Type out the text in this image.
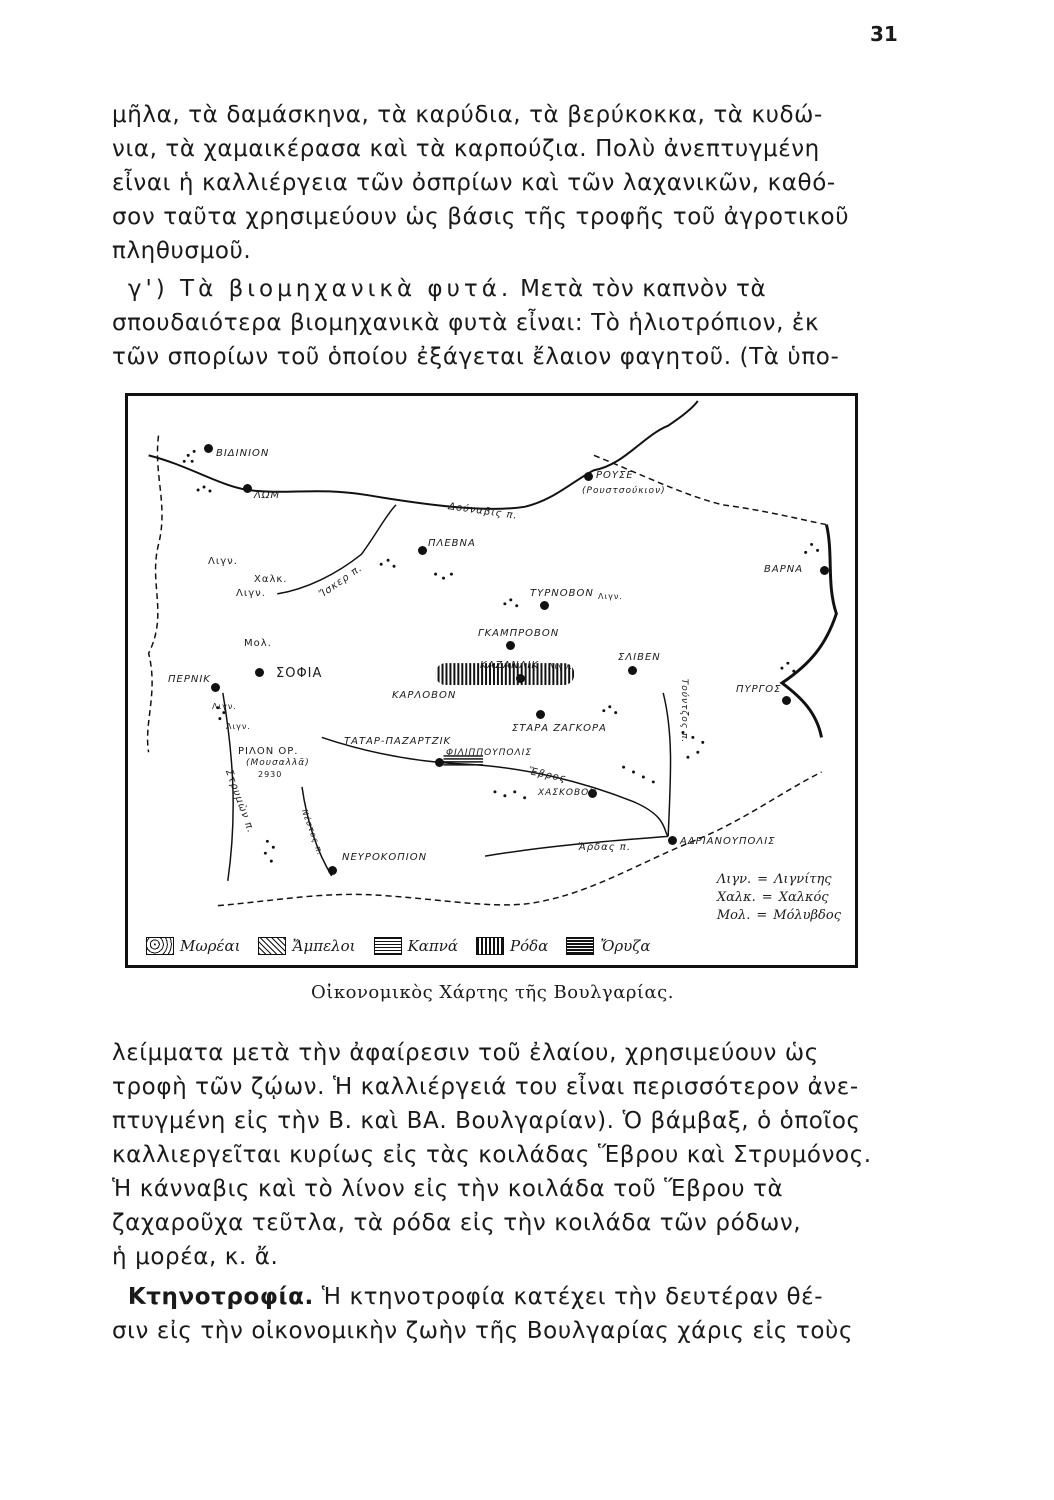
31
μῆλα, τὰ δαμάσκηνα, τὰ καρύδια, τὰ βερύκοκκα, τὰ κυδώ-
νια, τὰ χαμαικέρασα καὶ τὰ καρπούζια. Πολὺ ἀνεπτυγμένη
εἶναι ἡ καλλιέργεια τῶν ὀσπρίων καὶ τῶν λαχανικῶν, καθό-
σον ταῦτα χρησιμεύουν ὡς βάσις τῆς τροφῆς τοῦ ἀγροτικοῦ
πληθυσμοῦ.
γ') Τὰ βιομηχανικὰ φυτά. Μετὰ τὸν καπνὸν τὰ
σπουδαιότερα βιομηχανικὰ φυτὰ εἶναι: Τὸ ἡλιοτρόπιον, ἐκ
τῶν σπορίων τοῦ ὁποίου ἐξάγεται ἔλαιον φαγητοῦ. (Τὰ ὑπο-
ΒΙΔΙΝΙΟΝ
ΛΩΜ
ΡΟΥΣΕ
(Ρουστσούκιον)
ΠΛΕΒΝΑ
ΤΥΡΝΟΒΟΝ
ΒΑΡΝΑ
ΓΚΑΜΠΡΟΒΟΝ
ΣΟΦΙΑ
ΠΕΡΝΙΚ
ΚΑΖΑΝΛΙΚ
ΣΛΙΒΕΝ
ΚΑΡΛΟΒΟΝ
ΠΥΡΓΟΣ
ΣΤΑΡΑ ΖΑΓΚΟΡΑ
ΤΑΤΑΡ-ΠΑΖΑΡΤΖΙΚ
ΦΙΛΙΠΠΟΥΠΟΛΙΣ
ΧΑΣΚΟΒΟΝ
ΝΕΥΡΟΚΟΠΙΟΝ
ΑΔΡΙΑΝΟΥΠΟΛΙΣ
Δούναβις π.
Ἴσκερ π.
ΡΙΛΟΝ ΟΡ.
(Μουσαλλᾶ)
2930	Ἔβρος
Στρυμὼν π.	Νέστος π.	Ἄρδας π.
Τούντζος π.
Λιγν.
Χαλκ.
Λιγν.
Μολ.
Λιγν.
Λιγν.
Λιγν.
Λιγν.
Λιγν. = Λιγνίτης
Χαλκ. = Χαλκός
Μολ. = Μόλυβδος
Μωρέαι	Ἄμπελοι	Καπνά	Ρόδα	Ὄρυζα
Οἰκονομικὸς Χάρτης τῆς Βουλγαρίας.
λείμματα μετὰ τὴν ἀφαίρεσιν τοῦ ἐλαίου, χρησιμεύουν ὡς
τροφὴ τῶν ζῴων. Ἡ καλλιέργειά του εἶναι περισσότερον ἀνε-
πτυγμένη εἰς τὴν Β. καὶ ΒΑ. Βουλγαρίαν). Ὁ βάμβαξ, ὁ ὁποῖος
καλλιεργεῖται κυρίως εἰς τὰς κοιλάδας Ἕβρου καὶ Στρυμόνος.
Ἡ κάνναβις καὶ τὸ λίνον εἰς τὴν κοιλάδα τοῦ Ἕβρου τὰ
ζαχαροῦχα τεῦτλα, τὰ ρόδα εἰς τὴν κοιλάδα τῶν ρόδων,
ἡ μορέα, κ. ἄ.
Κτηνοτροφία. Ἡ κτηνοτροφία κατέχει τὴν δευτέραν θέ-
σιν εἰς τὴν οἰκονομικὴν ζωὴν τῆς Βουλγαρίας χάρις εἰς τοὺς
